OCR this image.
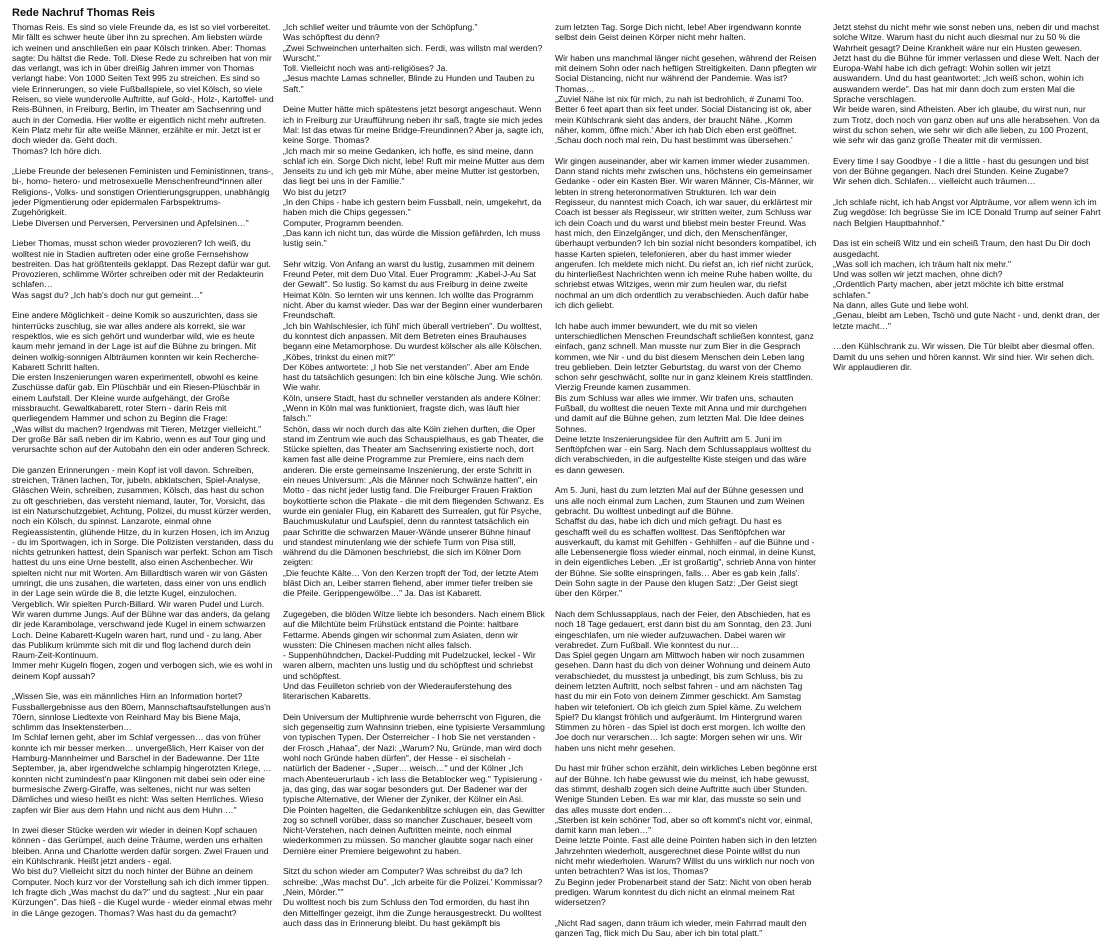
Rede Nachruf Thomas Reis

Thomas Reis. Es sind so viele Freunde da, es ist so viel vorbereitet. Mir fällt es schwer heute über ihn zu sprechen. Am liebsten würde ich weinen und anschließen ein paar Kölsch trinken. Aber: Thomas sagte: Du hältst die Rede. Toll. Diese Rede zu schreiben hat von mir das verlangt, was ich in über dreißig Jahren immer von Thomas verlangt habe: Von 1000 Seiten Text 995 zu streichen. Es sind so viele Erinnerungen, so viele Fußballspiele, so viel Kölsch, so viele Reisen, so viele wundervolle Auftritte, auf Gold-, Holz-, Kartoffel- und Reis-Bühnen, in Freiburg, Berlin, im Theater am Sachsenring und auch in der Comedia. Hier wollte er eigentlich nicht mehr auftreten. Kein Platz mehr für alte weiße Männer, erzählte er mir. Jetzt ist er doch wieder da. Geht doch.
Thomas? Ich höre dich.

„Liebe Freunde der belesenen Feministen und Feministinnen, trans-, bi-, homo- hetero- und metrosexuelle Menschenfreund*innen aller Religions-, Volks- und sonstigen Orientierungsgruppen, unabhängig jeder Pigmentierung oder epidermalen Farbspektrums-Zugehörigkeit.
Liebe Diversen und Perversen, Perversinen und Apfelsinen…"

Lieber Thomas, musst schon wieder provozieren? Ich weiß, du wolltest nie in Stadien auftreten oder eine große Fernsehshow bestreiten. Das hat größtenteils geklappt. Das Rezept dafür war gut. Provozieren, schlimme Wörter schreiben oder mit der Redakteurin schlafen…
Was sagst du? „Ich hab's doch nur gut gemeint…"

Eine andere Möglichkeit - deine Komik so auszurichten, dass sie hinterrücks zuschlug, sie war alles andere als korrekt, sie war respektlos, wie es sich gehört und wunderbar wild, wie es heute kaum mehr jemand in der Lage ist auf die Bühne zu bringen. Mit deinen wolkig-sonnigen Albträumen konnten wir kein Recherche-Kabarett Schritt halten.
Die ersten Inszenierungen waren experimentell, obwohl es keine Zuschüsse dafür gab. Ein Plüschbär und ein Riesen-Plüschbär in einem Laufstall. Der Kleine wurde aufgehängt, der Große missbraucht. Gewaltkabarett, roter Stern - darin Reis mit querliegendem Hammer und schon zu Beginn die Frage:
„Was willst du machen? Irgendwas mit Tieren, Metzger vielleicht."
Der große Bär saß neben dir im Kabrio, wenn es auf Tour ging und verursachte schon auf der Autobahn den ein oder anderen Schreck.

Die ganzen Erinnerungen - mein Kopf ist voll davon. Schreiben, streichen, Tränen lachen, Tor, jubeln, abklatschen, Spiel-Analyse, Gläschen Wein, schreiben, zusammen, Kölsch, das hast du schon zu oft geschrieben, das versteht niemand, lauter, Tor, Vorsicht, das ist ein Naturschutzgebiet, Achtung, Polizei, du musst kürzer werden, noch ein Kölsch, du spinnst. Lanzarote, einmal ohne Regieassistentin, glühende Hitze, du in kurzen Hosen, ich im Anzug - du im Sportwagen, ich in Sorge. Die Polizisten verstanden, dass du nichts getrunken hattest, dein Spanisch war perfekt. Schon am Tisch hattest du uns eine Urne bestellt, also einen Aschenbecher. Wir spielten nicht nur mit Worten. Am Billardtisch waren wir von Gästen umringt, die uns zusahen, die warteten, dass einer von uns endlich in der Lage sein würde die 8, die letzte Kugel, einzulochen. Vergeblich. Wir spielten Purch-Billard. Wir waren Pudel und Lurch. Wir waren dumme Jungs. Auf der Bühne war das anders, da gelang dir jede Karambolage, verschwand jede Kugel in einem schwarzen Loch. Deine Kabarett-Kugeln waren hart, rund und - zu lang. Aber das Publikum krümmte sich mit dir und flog lachend durch dein Raum-Zeit-Kontinuum.
Immer mehr Kugeln flogen, zogen und verbogen sich, wie es wohl in deinem Kopf aussah?

„Wissen Sie, was ein männliches Hirn an Information hortet? Fussballergebnisse aus den 80ern, Mannschaftsaufstellungen aus'n 70ern, sinnlose Liedtexte von Reinhard May bis Biene Maja, schlimm das Insektensterben…
Im Schlaf lernen geht, aber im Schlaf vergessen… das von früher konnte ich mir besser merken… unvergeßlich, Herr Kaiser von der Hamburg-Mannheimer und Barschel in der Badewanne. Der 11te September, ja, aber irgendwelche schlampig hingerotzten Kriege, …konnten nicht zumindest'n paar Klingonen mit dabei sein oder eine burmesische Zwerg-Giraffe, was seltenes, nicht nur was selten Dämliches und wieso heißt es nicht: Was selten Herrliches. Wieso zapfen wir Bier aus dem Hahn und nicht aus dem Huhn …"

In zwei dieser Stücke werden wir wieder in deinen Kopf schauen können - das Gerümpel, auch deine Träume, werden uns erhalten bleiben. Anna und Charlotte werden dafür sorgen. Zwei Frauen und ein Kühlschrank. Heißt jetzt anders - egal.
Wo bist du? Vielleicht sitzt du noch hinter der Bühne an deinem Computer. Noch kurz vor der Vorstellung sah ich dich immer tippen. Ich fragte dich „Was machst du da?" und du sagtest: „Nur ein paar Kürzungen". Das hieß - die Kugel wurde - wieder einmal etwas mehr in die Länge gezogen. Thomas? Was hast du da gemacht?

„Ich schlief weiter und träumte von der Schöpfung."
Was schöpftest du denn?
„Zwei Schweinchen unterhalten sich. Ferdi, was willstn mal werden? Wurscht."
Toll. Vielleicht noch was anti-religiöses? Ja.
„Jesus machte Lamas schneller, Blinde zu Hunden und Tauben zu Saft."

Deine Mutter hätte mich spätestens jetzt besorgt angeschaut. Wenn ich in Freiburg zur Uraufführung neben ihr saß, fragte sie mich jedes Mal: Ist das etwas für meine Bridge-Freundinnen? Aber ja, sagte ich, keine Sorge. Thomas?
„Ich mach mir so meine Gedanken, ich hoffe, es sind meine, dann schlaf ich ein. Sorge Dich nicht, lebe! Ruft mir meine Mutter aus dem Jenseits zu und ich geb mir Mühe, aber meine Mutter ist gestorben, das liegt bei uns in der Familie."
Wo bist du jetzt?
„In den Chips - habe ich gestern beim Fussball, nein, umgekehrt, da haben mich die Chips gegessen."
Computer, Programm beenden.
„Das kann ich nicht tun, das würde die Mission gefährden, Ich muss lustig sein."

Sehr witzig. Von Anfang an warst du lustig, zusammen mit deinem Freund Peter, mit dem Duo Vital. Euer Programm: „Kabel-J-Au Sat der Gewalt". So lustig. So kamst du aus Freiburg in deine zweite Heimat Köln. So lernten wir uns kennen. Ich wollte das Programm nicht. Aber du kamst wieder. Das war der Beginn einer wunderbaren Freundschaft.
„Ich bin Wahlschlesier, ich fühl' mich überall vertrieben". Du wolltest, du konntest dich anpassen. Mit dem Betreten eines Brauhauses begann eine Metamorphose. Du wurdest kölscher als alle Kölschen. „Köbes, trinkst du einen mit?"
Der Köbes antwortete: „I hob Sie net verstanden". Aber am Ende hast du tatsächlich gesungen: Ich bin eine kölsche Jung. Wie schön. Wie wahr.
Köln, unsere Stadt, hast du schneller verstanden als andere Kölner: „Wenn in Köln mal was funktioniert, fragste dich, was läuft hier falsch."
Schön, dass wir noch durch das alte Köln ziehen durften, die Oper stand im Zentrum wie auch das Schauspielhaus, es gab Theater, die Stücke spielten, das Theater am Sachsenring existierte noch, dort kamen fast alle deine Programme zur Premiere, eins nach dem anderen. Die erste gemeinsame Inszenierung, der erste Schritt in ein neues Universum: „Als die Männer noch Schwänze hatten", ein Motto - das nicht jeder lustig fand. Die Freiburger Frauen Fraktion boykottierte schon die Plakate - die mit dem fliegenden Schwanz. Es wurde ein genialer Flug, ein Kabarett des Surrealen, gut für Psyche, Bauchmuskulatur und Laufspiel, denn du ranntest tatsächlich ein paar Schritte die schwarzen Mauer-Wände unserer Bühne hinauf und standest minutenlang wie der schiefe Turm von Pisa still, während du die Dämonen beschriebst, die sich im Kölner Dom zeigten:
„Die feuchte Kälte… Von den Kerzen tropft der Tod, der letzte Atem bläst Dich an, Leiber starren flehend, aber immer tiefer treiben sie die Pfeile. Gerippengewölbe…" Ja. Das ist Kabarett.

Zugegeben, die blöden Witze liebte ich besonders. Nach einem Blick auf die Milchtüte beim Frühstück entstand die Pointe: haltbare Fettarme. Abends gingen wir schonmal zum Asiaten, denn wir wussten: Die Chinesen machen nicht alles falsch.
- Suppenhühndchen, Dackel-Pudding mit Pudelzuckel, leckel - Wir waren albern, machten uns lustig und du schöpftest und schriebst und schöpftest.
Und das Feuilleton schrieb von der Wiederauferstehung des literarischen Kabaretts.

Dein Universum der Multiphrenie wurde beherrscht von Figuren, die sich gegenseitig zum Wahnsinn trieben, eine typisierte Versammlung von typischen Typen. Der Österreicher - I hob Sie net verstanden - der Frosch „Hahaa", der Nazi: „Warum? Nu, Gründe, man wird doch wohl noch Gründe haben dürfen", der Hesse - ei sischelah - natürlich der Badener - „Super… weisch…" und der Kölner „Ich mach Abenteuerurlaub - ich lass die Betablocker weg." Typisierung - ja, das ging, das war sogar besonders gut. Der Badener war der typische Alternative, der Wiener der Zyniker, der Kölner ein Asi.
Die Pointen hagelten, die Gedankenblitze schlugen ein, das Gewitter zog so schnell vorüber, dass so mancher Zuschauer, beseelt vom Nicht-Verstehen, nach deinen Auftritten meinte, noch einmal wiederkommen zu müssen. So mancher glaubte sogar nach einer Dernière einer Premiere beigewohnt zu haben.

Sitzt du schon wieder am Computer? Was schreibst du da? Ich schreibe: „Was machst Du". „Ich arbeite für die Polizei.' Kommissar? „Nein, Mörder.""
Du wolltest noch bis zum Schluss den Tod ermorden, du hast ihn den Mittelfinger gezeigt, ihm die Zunge herausgestreckt. Du wolltest auch dass das in Erinnerung bleibt. Du hast gekämpft bis

zum letzten Tag. Sorge Dich nicht, lebe! Aber irgendwann konnte selbst dein Geist deinen Körper nicht mehr halten.

Wir haben uns manchmal länger nicht gesehen, während der Reisen mit deinem Sohn oder nach heftigen Streitigkeiten. Dann pflegten wir Social Distancing, nicht nur während der Pandemie. Was ist? Thomas…
„Zuviel Nähe ist nix für mich, zu nah ist bedrohlich, # Zunami Too. Better 6 feet apart than six feet under. Social Distancing ist ok, aber mein Kühlschrank sieht das anders, der braucht Nähe. „Komm näher, komm, öffne mich.' Aber ich hab Dich eben erst geöffnet. ‚Schau doch noch mal rein, Du hast bestimmt was übersehen.'

Wir gingen auseinander, aber wir kamen immer wieder zusammen. Dann stand nichts mehr zwischen uns, höchstens ein gemeinsamer Gedanke - oder ein Kasten Bier. Wir waren Männer, Cis-Männer, wir lebten in streng heteronormativen Strukturen. Ich war dein Regisseur, du nanntest mich Coach, ich war sauer, du erklärtest mir Coach ist besser als Regisseur, wir stritten weiter, zum Schluss war ich dein Coach und du warst und bliebst mein bester Freund. Was hast mich, den Einzelgänger, und dich, den Menschenfänger, überhaupt verbunden? Ich bin sozial nicht besonders kompatibel, ich hasse Karten spielen, telefonieren, aber du hast immer wieder angerufen. Ich meldete mich nicht. Du riefst an, ich rief nicht zurück, du hinterließest Nachrichten wenn ich meine Ruhe haben wollte, du schriebst etwas Witziges, wenn mir zum heulen war, du riefst nochmal an um dich ordentlich zu verabschieden. Auch dafür habe ich dich geliebt.

Ich habe auch immer bewundert, wie du mit so vielen unterschiedlichen Menschen Freundschaft schließen konntest, ganz einfach, ganz schnell. Man musste nur zum Bier in die Gesprach kommen, wie Nir - und du bist diesem Menschen dein Leben lang treu geblieben. Dein letzter Geburtstag, du warst von der Chemo schon sehr geschwächt, sollte nur in ganz kleinem Kreis stattfinden. Vierzig Freunde kamen zusammen.
Bis zum Schluss war alles wie immer. Wir trafen uns, schauten Fußball, du wolltest die neuen Texte mit Anna und mir durchgehen und damit auf die Bühne gehen, zum letzten Mal. Die Idee deines Sohnes.
Deine letzte Inszenierungsidee für den Auftritt am 5. Juni im Senftöpfchen war - ein Sarg. Nach dem Schlussapplaus wolltest du dich verabschieden, in die aufgestellte Kiste steigen und das wäre es dann gewesen.

Am 5. Juni, hast du zum letzten Mal auf der Bühne gesessen und uns alle noch einmal zum Lachen, zum Staunen und zum Weinen gebracht. Du wolltest unbedingt auf die Bühne.
Schaffst du das, habe ich dich und mich gefragt. Du hast es geschafft weil du es schaffen wolltest. Das Senftöpfchen war ausverkauft, du kamst mit Gehilfen - Gehhilfen - auf die Bühne und - alle Lebensenergie floss wieder einmal, noch einmal, in deine Kunst, in dein eigentliches Leben. „Er ist großartig", schrieb Anna von hinter der Bühne. Sie sollte einspringen, falls… Aber es gab kein ‚falls'.
Dein Sohn sagte in der Pause den klugen Satz: „Der Geist siegt über den Körper."

Nach dem Schlussapplaus, nach der Feier, den Abschieden, hat es noch 18 Tage gedauert, erst dann bist du am Sonntag, den 23. Juni eingeschlafen, um nie wieder aufzuwachen. Dabei waren wir verabredet. Zum Fußball. Wie konntest du nur…
Das Spiel gegen Ungarn am Mittwoch haben wir noch zusammen gesehen. Dann hast du dich von deiner Wohnung und deinem Auto verabschiedet, du musstest ja unbedingt, bis zum Schluss, bis zu deinem letzten Auftritt, noch selbst fahren - und am nächsten Tag hast du mir ein Foto von deinem Zimmer geschickt. Am Samstag haben wir telefoniert. Ob ich gleich zum Spiel käme. Zu welchem Spiel? Du klangst fröhlich und aufgeräumt. Im Hintergrund waren Stimmen zu hören - das Spiel ist doch erst morgen. Ich wollte den Joe doch nur verarschen… Ich sagte: Morgen sehen wir uns. Wir haben uns nicht mehr gesehen.

Du hast mir früher schon erzählt, dein wirkliches Leben begönne erst auf der Bühne. Ich habe gewusst wie du meinst, ich habe gewusst, das stimmt, deshalb zogen sich deine Auftritte auch über Stunden. Wenige Stunden Leben. Es war mir klar, das musste so sein und das alles musste dort enden…
„Sterben ist kein schöner Tod, aber so oft kommt's nicht vor, einmal, damit kann man leben…"
Deine letzte Pointe. Fast alle deine Pointen haben sich in den letzten Jahrzehnten wiederholt, ausgerechnet diese Pointe willst du nun nicht mehr wiederholen. Warum? Willst du uns wirklich nur noch von unten betrachten? Was ist los, Thomas?
Zu Beginn jeder Probenarbeit stand der Satz: Nicht von oben herab predigen. Warum konntest du dich nicht an einmal meinem Rat widersetzen?

„Nicht Rad sagen, dann träum ich wieder, mein Fahrrad mault den ganzen Tag, flick mich Du Sau, aber ich bin total platt."

Jetzt stehst du nicht mehr wie sonst neben uns, neben dir und machst solche Witze. Warum hast du nicht auch diesmal nur zu 50 % die Wahrheit gesagt? Deine Krankheit wäre nur ein Husten gewesen. Jetzt hast du die Bühne für immer verlassen und diese Welt. Nach der Europa-Wahl habe ich dich gefragt: Wohin sollen wir jetzt auswandern. Und du hast geantwortet: „Ich weiß schon, wohin ich auswandern werde". Das hat mir dann doch zum ersten Mal die Sprache verschlagen.
Wir beide waren, sind Atheisten. Aber ich glaube, du wirst nun, nur zum Trotz, doch noch von ganz oben auf uns alle herabsehen. Von da wirst du schon sehen, wie sehr wir dich alle lieben, zu 100 Prozent, wie sehr wir das ganz große Theater mit dir vermissen.

Every time I say Goodbye - I die a little - hast du gesungen und bist von der Bühne gegangen. Nach drei Stunden. Keine Zugabe?
Wir sehen dich. Schlafen… vielleicht auch träumen…

„Ich schlafe nicht, ich hab Angst vor Alpträume, vor allem wenn ich im Zug wegdöse: Ich begrüsse Sie im ICE Donald Trump auf seiner Fahrt nach Belgien Hauptbahnhof."

Das ist ein scheiß Witz und ein scheiß Traum, den hast Du Dir doch ausgedacht.
„Was soll ich machen, ich träum halt nix mehr."
Und was sollen wir jetzt machen, ohne dich?
„Ordentlich Party machen, aber jetzt möchte ich bitte erstmal schlafen."
Na dann, alles Gute und liebe wohl.
„Genau, bleibt am Leben, Tschö und gute Nacht - und, denkt dran, der letzte macht…"

…den Kühlschrank zu. Wir wissen. Die Tür bleibt aber diesmal offen. Damit du uns sehen und hören kannst. Wir sind hier. Wir sehen dich. Wir applaudieren dir.
